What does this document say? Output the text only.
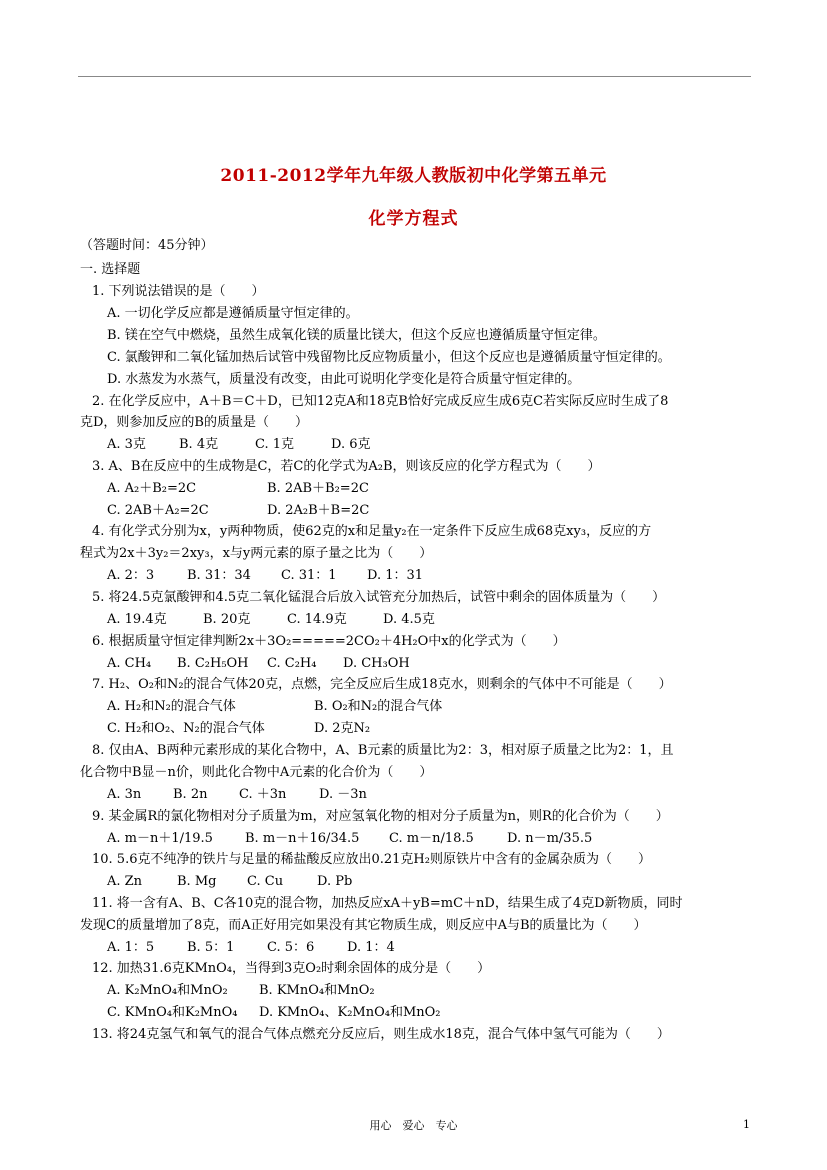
2011-2012学年九年级人教版初中化学第五单元
化学方程式
（答题时间：45分钟）
一. 选择题
1. 下列说法错误的是（　　）
A. 一切化学反应都是遵循质量守恒定律的。
B. 镁在空气中燃烧，虽然生成氧化镁的质量比镁大，但这个反应也遵循质量守恒定律。
C. 氯酸钾和二氧化锰加热后试管中残留物比反应物质量小，但这个反应也是遵循质量守恒定律的。
D. 水蒸发为水蒸气，质量没有改变，由此可说明化学变化是符合质量守恒定律的。
2. 在化学反应中，A＋B＝C＋D，已知12克A和18克B恰好完成反应生成6克C若实际反应时生成了8
克D，则参加反应的B的质量是（　　）
A. 3克	B. 4克	C. 1克	D. 6克
3. A、B在反应中的生成物是C，若C的化学式为A₂B，则该反应的化学方程式为（　　）
A. A₂＋B₂=2C	B. 2AB＋B₂=2C
C. 2AB＋A₂=2C	D. 2A₂B＋B=2C
4. 有化学式分别为x，y两种物质，使62克的x和足量y₂在一定条件下反应生成68克xy₃，反应的方
程式为2x＋3y₂＝2xy₃，x与y两元素的原子量之比为（　　）
A. 2：3	B. 31：34 C. 31：1 D. 1：31
5. 将24.5克氯酸钾和4.5克二氧化锰混合后放入试管充分加热后，试管中剩余的固体质量为（　　）
A. 19.4克	B. 20克	C. 14.9克	D. 4.5克
6. 根据质量守恒定律判断2x＋3O₂=====2CO₂＋4H₂O中x的化学式为（　　）
A. CH₄ B. C₂H₅OH C. C₂H₄ D. CH₃OH
7. H₂、O₂和N₂的混合气体20克，点燃，完全反应后生成18克水，则剩余的气体中不可能是（　　）
A. H₂和N₂的混合气体	B. O₂和N₂的混合气体
C. H₂和O₂、N₂的混合气体	D. 2克N₂
8. 仅由A、B两种元素形成的某化合物中，A、B元素的质量比为2：3，相对原子质量之比为2：1，且
化合物中B显－n价，则此化合物中A元素的化合价为（　　）
A. 3n B. 2n C. ＋3n	D. －3n
9. 某金属R的氯化物相对分子质量为m，对应氢氧化物的相对分子质量为n，则R的化合价为（　　）
A. m－n＋1/19.5 B. m－n＋16/34.5 C. m－n/18.5	D. n－m/35.5
10. 5.6克不纯净的铁片与足量的稀盐酸反应放出0.21克H₂则原铁片中含有的金属杂质为（　　）
A. Zn	B. Mg C. Cu	D. Pb
11. 将一含有A、B、C各10克的混合物，加热反应xA＋yB=mC＋nD，结果生成了4克D新物质，同时
发现C的质量增加了8克，而A正好用完如果没有其它物质生成，则反应中A与B的质量比为（　　）
A. 1：5	B. 5：1	C. 5：6	D. 1：4
12. 加热31.6克KMnO₄，当得到3克O₂时剩余固体的成分是（　　）
A. K₂MnO₄和MnO₂ B. KMnO₄和MnO₂
C. KMnO₄和K₂MnO₄ D. KMnO₄、K₂MnO₄和MnO₂
13. 将24克氢气和氧气的混合气体点燃充分反应后，则生成水18克，混合气体中氢气可能为（　　）
用心　爱心　专心	1
